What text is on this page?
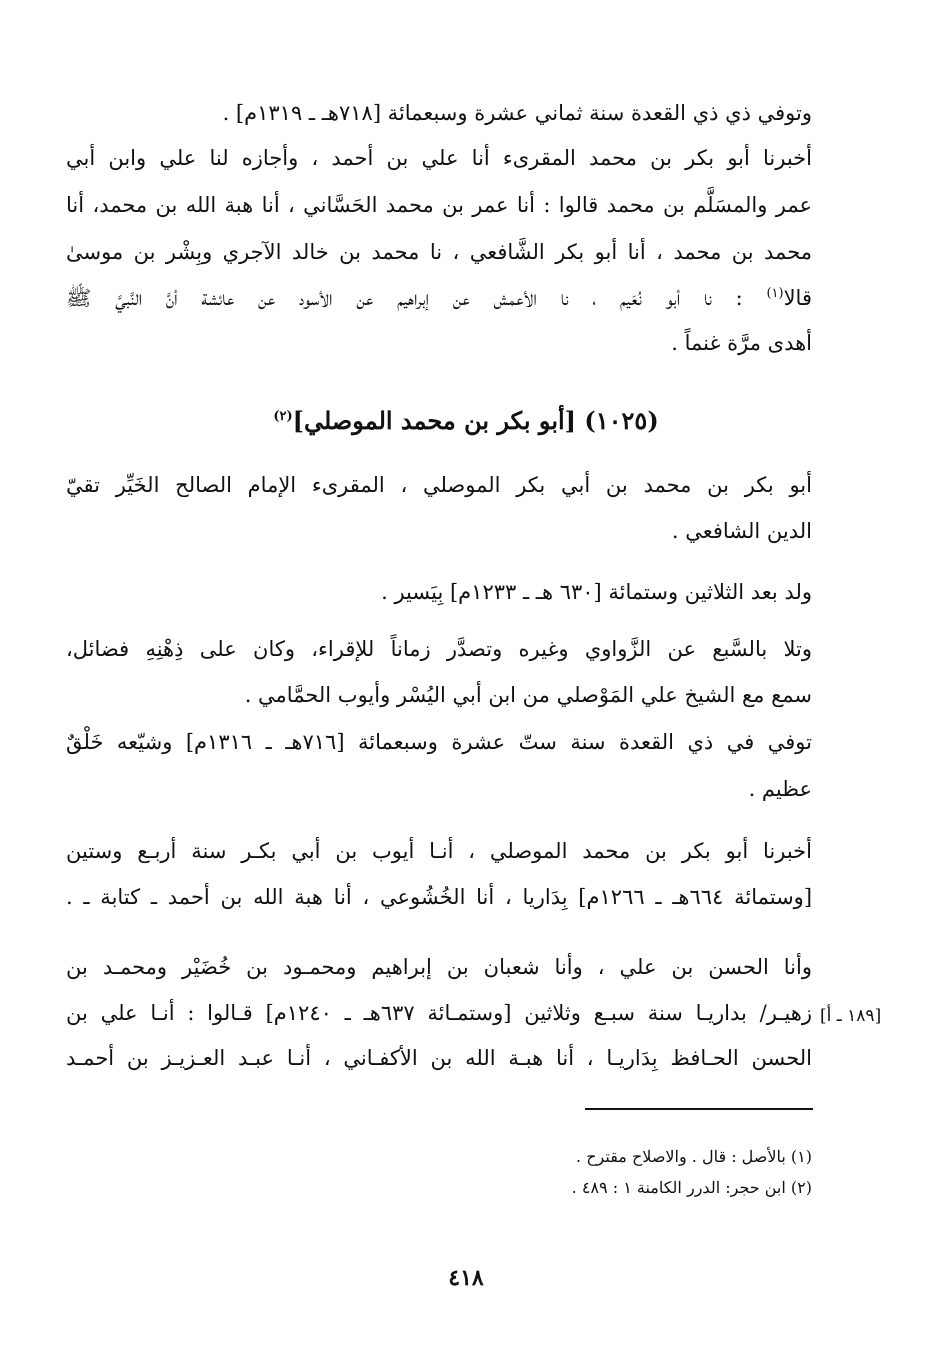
وتوفي ذي ذي القعدة سنة ثماني عشرة وسبعمائة [٧١٨هـ ـ ١٣١٩م] .
أخبرنا أبو بكر بن محمد المقرىء أنا علي بن أحمد ، وأجازه لنا علي وابن أبي
عمر والمسَلَّم بن محمد قالوا : أنا عمر بن محمد الحَسَّاني ، أنا هبة الله بن محمد، أنا
محمد بن محمد ، أنا أبو بكر الشَّافعي ، نا محمد بن خالد الآجري وبِشْر بن موسىٰ
قالا$^{(١)}$ : نا أبو نُعَيم ، نا الأعمش عن إبراهيم عن الأسود عن عائشة أنَّ النَّبيَّ ﷺ
أهدى مرَّة غنماً .
(١٠٢٥) [أبو بكر بن محمد الموصلي]$^{(٢)}$
أبو بكر بن محمد بن أبي بكر الموصلي ، المقرىء الإمام الصالح الخَيِّر تقيّ
الدين الشافعي .
ولد بعد الثلاثين وستمائة [٦٣٠ هـ ـ ١٢٣٣م] بِيَسير .
وتلا بالسَّبع عن الزَّواوي وغيره وتصدَّر زماناً للإقراء، وكان على ذِهْنِهِ فضائل،
سمع مع الشيخ علي المَوْصلي من ابن أبي اليُسْر وأيوب الحمَّامي .
توفي في ذي القعدة سنة ستّ عشرة وسبعمائة [٧١٦هـ ـ ١٣١٦م] وشيّعه خَلْقٌ
عظيم .
أخبرنا أبو بكر بن محمد الموصلي ، أنـا أيوب بن أبي بكـر سنة أربـع وستين
[وستمائة ٦٦٤هـ ـ ١٢٦٦م] بِدَاريا ، أنا الخُشُوعي ، أنا هبة الله بن أحمد ـ كتابة ـ .
وأنا الحسن بن علي ، وأنا شعبان بن إبراهيم ومحمـود بن خُضَيْر ومحمـد بن
زهيـر/ بداريـا سنة سبـع وثلاثين [وستمـائة ٦٣٧هـ ـ ١٢٤٠م] قـالوا : أنـا علي بن
الحسن الحـافظ بِدَاريـا ، أنا هبـة الله بن الأكفـاني ، أنـا عبـد العـزيـز بن أحمـد
[١٨٩ ـ أ]
(١) بالأصل : قال . والاصلاح مقترح .
(٢) ابن حجر: الدرر الكامنة ١ : ٤٨٩ .
٤١٨
